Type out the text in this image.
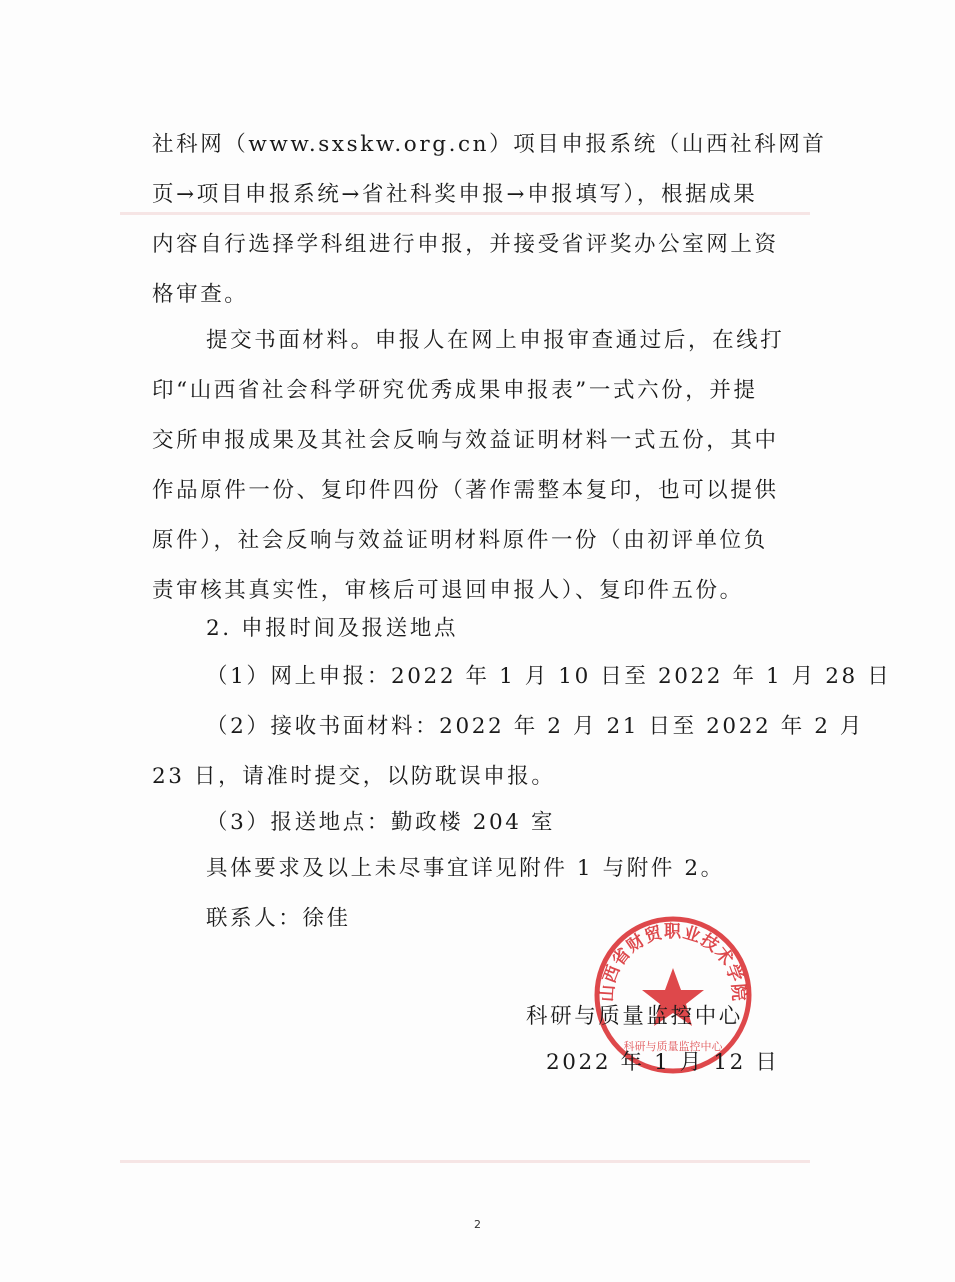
社科网（www.sxskw.org.cn）项目申报系统（山西社科网首
页→项目申报系统→省社科奖申报→申报填写），根据成果
内容自行选择学科组进行申报，并接受省评奖办公室网上资
格审查。
提交书面材料。申报人在网上申报审查通过后，在线打
印“山西省社会科学研究优秀成果申报表”一式六份，并提
交所申报成果及其社会反响与效益证明材料一式五份，其中
作品原件一份、复印件四份（著作需整本复印，也可以提供
原件），社会反响与效益证明材料原件一份（由初评单位负
责审核其真实性，审核后可退回申报人）、复印件五份。
2. 申报时间及报送地点
（1）网上申报：2022 年 1 月 10 日至 2022 年 1 月 28 日
（2）接收书面材料：2022 年 2 月 21 日至 2022 年 2 月
23 日，请准时提交，以防耽误申报。
（3）报送地点：勤政楼 204 室
具体要求及以上未尽事宜详见附件 1 与附件 2。
联系人：徐佳
山西省财贸职业技术学院
科研与质量监控中心
科研与质量监控中心
2022 年 1 月 12 日
2
